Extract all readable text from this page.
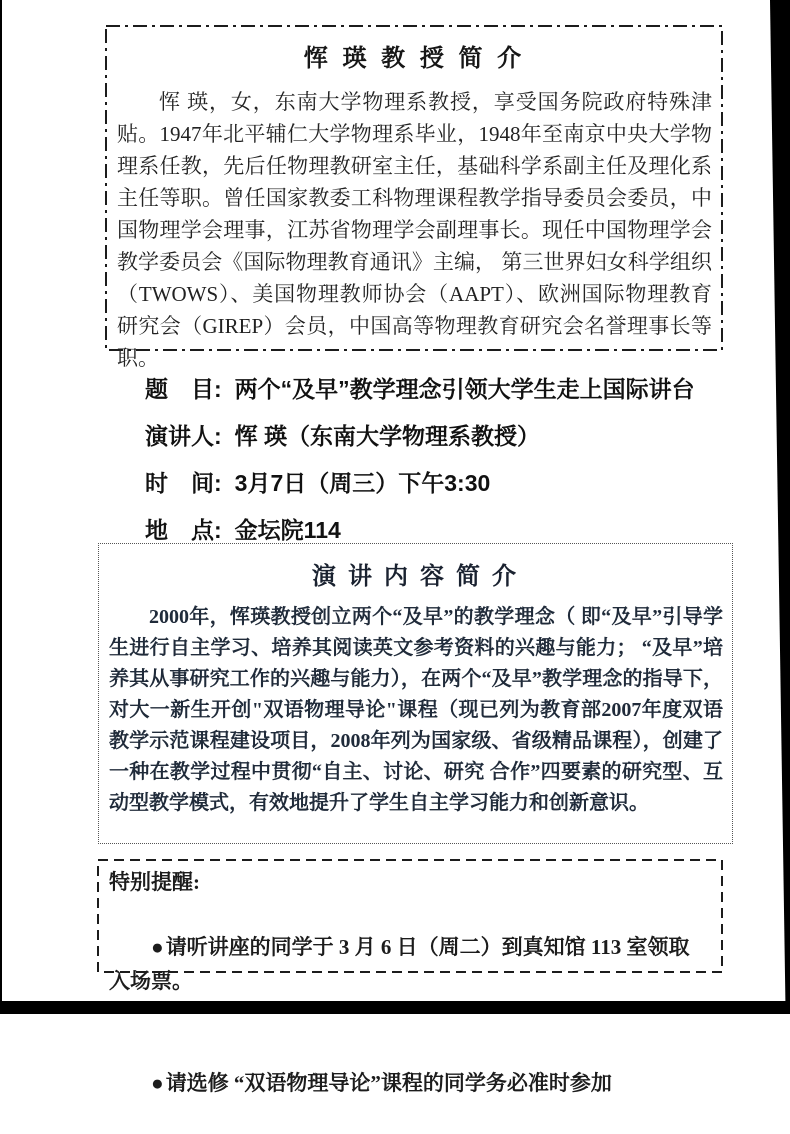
恽 瑛 教 授 简 介
恽 瑛，女，东南大学物理系教授，享受国务院政府特殊津贴。1947年北平辅仁大学物理系毕业，1948年至南京中央大学物理系任教，先后任物理教研室主任，基础科学系副主任及理化系主任等职。曾任国家教委工科物理课程教学指导委员会委员，中国物理学会理事，江苏省物理学会副理事长。现任中国物理学会教学委员会《国际物理教育通讯》主编， 第三世界妇女科学组织（TWOWS）、美国物理教师协会（AAPT）、欧洲国际物理教育研究会（GIREP）会员，中国高等物理教育研究会名誉理事长等职。
题　目: 两个“及早”教学理念引领大学生走上国际讲台
演讲人: 恽 瑛（东南大学物理系教授）
时　间: 3月7日（周三）下午3:30
地　点: 金坛院114
演 讲 内 容 简 介
2000年，恽瑛教授创立两个“及早”的教学理念（ 即“及早”引导学生进行自主学习、培养其阅读英文参考资料的兴趣与能力； “及早”培养其从事研究工作的兴趣与能力），在两个“及早”教学理念的指导下，对大一新生开创"双语物理导论"课程（现已列为教育部2007年度双语教学示范课程建设项目，2008年列为国家级、省级精品课程），创建了一种在教学过程中贯彻“自主、讨论、研究 合作”四要素的研究型、互动型教学模式，有效地提升了学生自主学习能力和创新意识。
特别提醒:

●请听讲座的同学于 3 月 6 日（周二）到真知馆 113 室领取入场票。

●请选修 “双语物理导论”课程的同学务必准时参加
